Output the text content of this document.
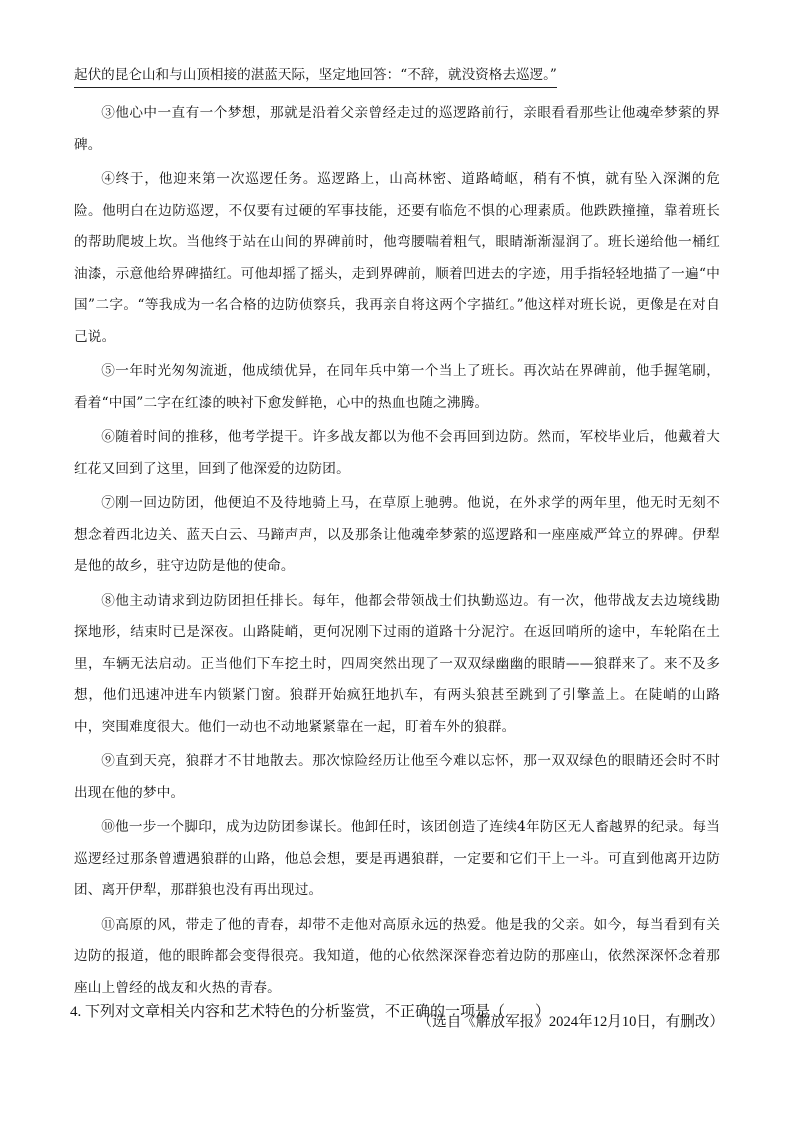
起伏的昆仑山和与山顶相接的湛蓝天际，坚定地回答：“不辞，就没资格去巡逻。”

③他心中一直有一个梦想，那就是沿着父亲曾经走过的巡逻路前行，亲眼看看那些让他魂牵梦萦的界碑。

④终于，他迎来第一次巡逻任务。巡逻路上，山高林密、道路崎岖，稍有不慎，就有坠入深渊的危险。他明白在边防巡逻，不仅要有过硬的军事技能，还要有临危不惧的心理素质。他跌跌撞撞，靠着班长的帮助爬坡上坎。当他终于站在山间的界碑前时，他弯腰喘着粗气，眼睛渐渐湿润了。班长递给他一桶红油漆，示意他给界碑描红。可他却摇了摇头，走到界碑前，顺着凹进去的字迹，用手指轻轻地描了一遍“中国”二字。“等我成为一名合格的边防侦察兵，我再亲自将这两个字描红。”他这样对班长说，更像是在对自己说。

⑤一年时光匆匆流逝，他成绩优异，在同年兵中第一个当上了班长。再次站在界碑前，他手握笔刷，看着“中国”二字在红漆的映衬下愈发鲜艳，心中的热血也随之沸腾。

⑥随着时间的推移，他考学提干。许多战友都以为他不会再回到边防。然而，军校毕业后，他戴着大红花又回到了这里，回到了他深爱的边防团。

⑦刚一回边防团，他便迫不及待地骑上马，在草原上驰骋。他说，在外求学的两年里，他无时无刻不想念着西北边关、蓝天白云、马蹄声声，以及那条让他魂牵梦萦的巡逻路和一座座威严耸立的界碑。伊犁是他的故乡，驻守边防是他的使命。

⑧他主动请求到边防团担任排长。每年，他都会带领战士们执勤巡边。有一次，他带战友去边境线勘探地形，结束时已是深夜。山路陡峭，更何况刚下过雨的道路十分泥泞。在返回哨所的途中，车轮陷在土里，车辆无法启动。正当他们下车挖土时，四周突然出现了一双双绿幽幽的眼睛——狼群来了。来不及多想，他们迅速冲进车内锁紧门窗。狼群开始疯狂地扒车，有两头狼甚至跳到了引擎盖上。在陡峭的山路中，突围难度很大。他们一动也不动地紧紧靠在一起，盯着车外的狼群。

⑨直到天亮，狼群才不甘地散去。那次惊险经历让他至今难以忘怀，那一双双绿色的眼睛还会时不时出现在他的梦中。

⑩他一步一个脚印，成为边防团参谋长。他卸任时，该团创造了连续4年防区无人畜越界的纪录。每当巡逻经过那条曾遭遇狼群的山路，他总会想，要是再遇狼群，一定要和它们干上一斗。可直到他离开边防团、离开伊犁，那群狼也没有再出现过。

⑪高原的风，带走了他的青春，却带不走他对高原永远的热爱。他是我的父亲。如今，每当看到有关边防的报道，他的眼眸都会变得很亮。我知道，他的心依然深深眷恋着边防的那座山，依然深深怀念着那座山上曾经的战友和火热的青春。

（选自《解放军报》2024年12月10日，有删改）

4. 下列对文章相关内容和艺术特色的分析鉴赏，不正确的一项是（　　）
